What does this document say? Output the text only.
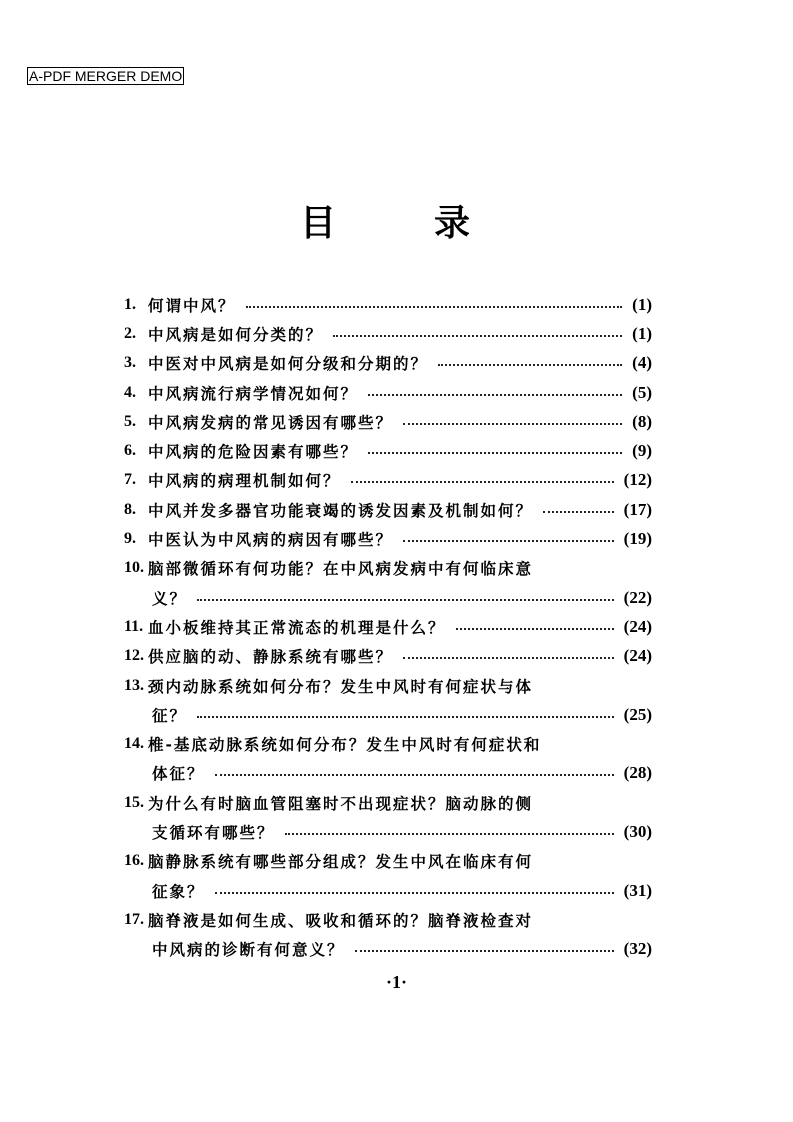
A-PDF MERGER DEMO
目	录
1. 何谓中风？	(1)
2. 中风病是如何分类的？	(1)
3. 中医对中风病是如何分级和分期的？	(4)
4. 中风病流行病学情况如何？	(5)
5. 中风病发病的常见诱因有哪些？	(8)
6. 中风病的危险因素有哪些？	(9)
7. 中风病的病理机制如何？	(12)
8. 中风并发多器官功能衰竭的诱发因素及机制如何？	(17)
9. 中医认为中风病的病因有哪些？	(19)
10. 脑部微循环有何功能？在中风病发病中有何临床意
义？	(22)
11. 血小板维持其正常流态的机理是什么？	(24)
12. 供应脑的动、静脉系统有哪些？	(24)
13. 颈内动脉系统如何分布？发生中风时有何症状与体
征？	(25)
14. 椎-基底动脉系统如何分布？发生中风时有何症状和
体征？	(28)
15. 为什么有时脑血管阻塞时不出现症状？脑动脉的侧
支循环有哪些？	(30)
16. 脑静脉系统有哪些部分组成？发生中风在临床有何
征象？	(31)
17. 脑脊液是如何生成、吸收和循环的？脑脊液检查对
中风病的诊断有何意义？	(32)
·1·
